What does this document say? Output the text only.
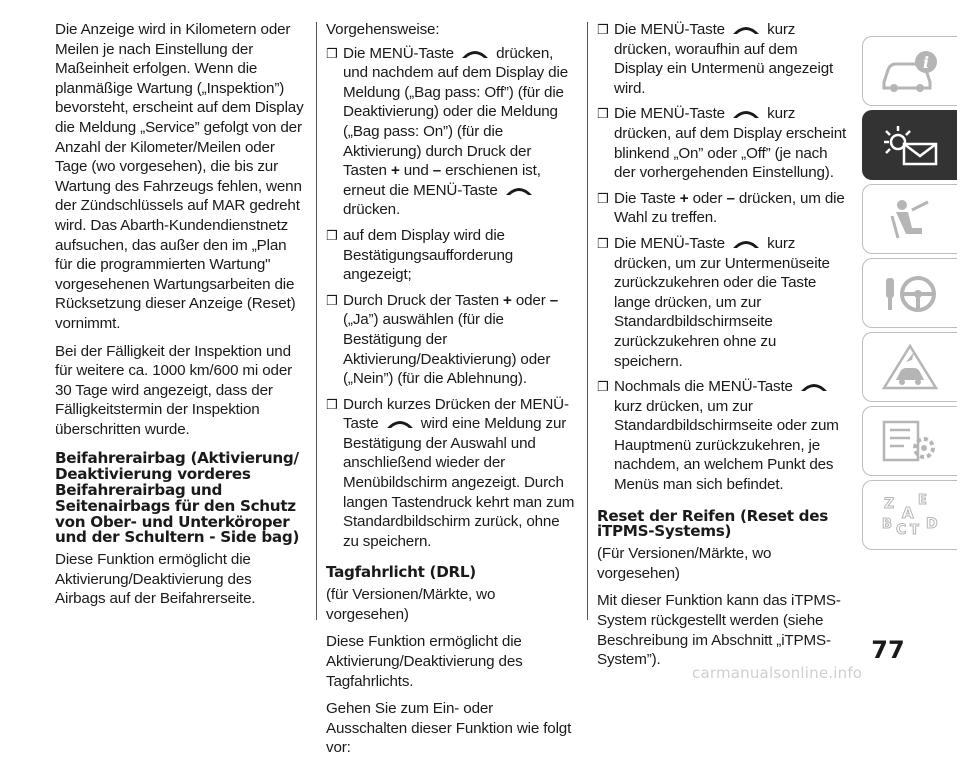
Die Anzeige wird in Kilometern oder Meilen je nach Einstellung der Maßeinheit erfolgen. Wenn die planmäßige Wartung („Inspektion”) bevorsteht, erscheint auf dem Display die Meldung „Service” gefolgt von der Anzahl der Kilometer/Meilen oder Tage (wo vorgesehen), die bis zur Wartung des Fahrzeugs fehlen, wenn der Zündschlüssels auf MAR gedreht wird. Das Abarth-Kundendienstnetz aufsuchen, das außer den im „Plan für die programmierten Wartung" vorgesehenen Wartungsarbeiten die Rücksetzung dieser Anzeige (Reset) vornimmt.

Bei der Fälligkeit der Inspektion und für weitere ca. 1000 km/600 mi oder 30 Tage wird angezeigt, dass der Fälligkeitstermin der Inspektion überschritten wurde.

Beifahrerairbag (Aktivierung/ Deaktivierung vorderes Beifahrerairbag und Seitenairbags für den Schutz von Ober- und Unterköroper und der Schultern - Side bag)

Diese Funktion ermöglicht die Aktivierung/Deaktivierung des Airbags auf der Beifahrerseite.

Vorgehensweise:

❒ Die MENÜ-Taste	drücken, und nachdem auf dem Display die Meldung („Bag pass: Off”) (für die Deaktivierung) oder die Meldung („Bag pass: On”) (für die Aktivierung) durch Druck der Tasten + und – erschienen ist, erneut die MENÜ-Taste
drücken.
❒ auf dem Display wird die Bestätigungsaufforderung angezeigt;
❒ Durch Druck der Tasten + oder – („Ja”) auswählen (für die Bestätigung der Aktivierung/Deaktivierung) oder („Nein”) (für die Ablehnung).
❒ Durch kurzes Drücken der MENÜ-Taste	wird eine Meldung zur Bestätigung der Auswahl und anschließend wieder der Menübildschirm angezeigt. Durch langen Tastendruck kehrt man zum Standardbildschirm zurück, ohne zu speichern.
Tagfahrlicht (DRL)

(für Versionen/Märkte, wo vorgesehen)

Diese Funktion ermöglicht die Aktivierung/Deaktivierung des Tagfahrlichts.

Gehen Sie zum Ein- oder Ausschalten dieser Funktion wie folgt vor:

❒ Die MENÜ-Taste	kurz drücken, woraufhin auf dem Display ein Untermenü angezeigt wird.
❒ Die MENÜ-Taste	kurz drücken, auf dem Display erscheint blinkend „On” oder „Off” (je nach der vorhergehenden Einstellung).
❒ Die Taste + oder – drücken, um die Wahl zu treffen.
❒ Die MENÜ-Taste	kurz drücken, um zur Untermenüseite zurückzukehren oder die Taste lange drücken, um zur Standardbildschirmseite zurückzukehren ohne zu speichern.
❒ Nochmals die MENÜ-Taste
kurz drücken, um zur Standardbildschirmseite oder zum Hauptmenü zurückzukehren, je nachdem, an welchem Punkt des Menüs man sich befindet.
Reset der Reifen (Reset des iTPMS-Systems)

(Für Versionen/Märkte, wo vorgesehen)

Mit dieser Funktion kann das iTPMS-System rückgestellt werden (siehe Beschreibung im Abschnitt „iTPMS-System”).

i
Z E
A
B C T D
77
carmanualsonline.info
